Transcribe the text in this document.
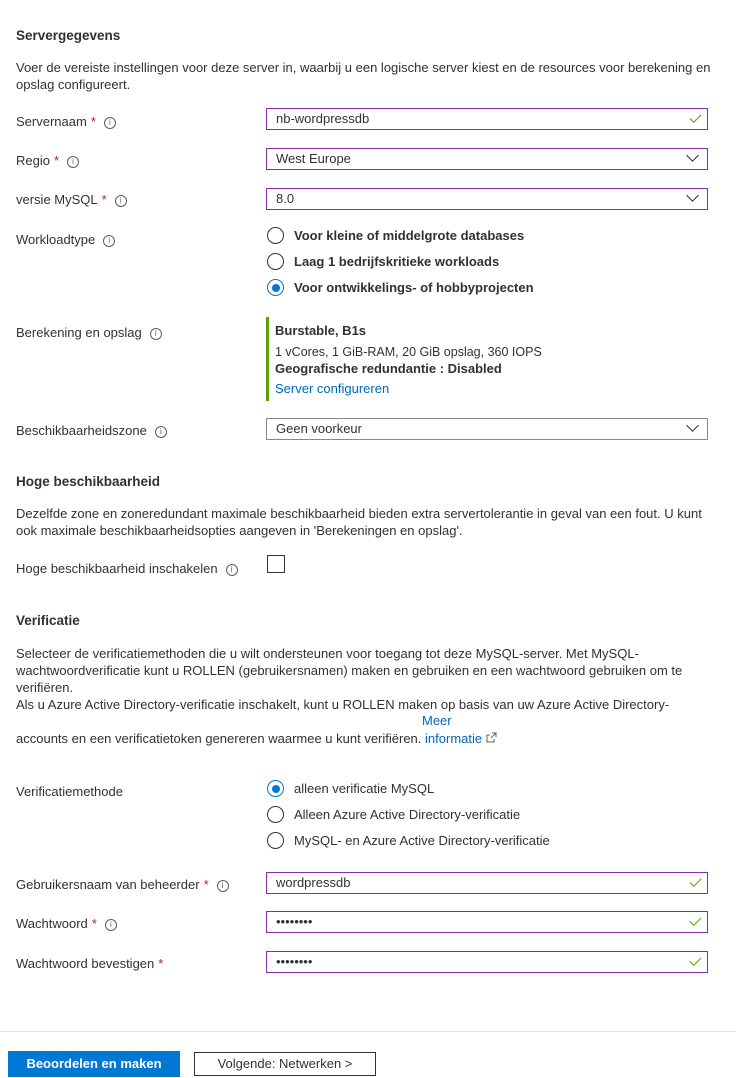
Servergegevens
Voer de vereiste instellingen voor deze server in, waarbij u een logische server kiest en de resources voor berekening en opslag configureert.
Servernaam * i	nb-wordpressdb
Regio * i	West Europe
versie MySQL * i	8.0
Workloadtype i	Voor kleine of middelgrote databases
Laag 1 bedrijfskritieke workloads
Voor ontwikkelings- of hobbyprojecten
Berekening en opslag i	Burstable, B1s
1 vCores, 1 GiB-RAM, 20 GiB opslag, 360 IOPS
Geografische redundantie : Disabled
Server configureren
Beschikbaarheidszone i	Geen voorkeur
Hoge beschikbaarheid
Dezelfde zone en zoneredundant maximale beschikbaarheid bieden extra servertolerantie in geval van een fout. U kunt ook maximale beschikbaarheidsopties aangeven in 'Berekeningen en opslag'.
Hoge beschikbaarheid inschakelen i
Verificatie
Selecteer de verificatiemethoden die u wilt ondersteunen voor toegang tot deze MySQL-server. Met MySQL-wachtwoordverificatie kunt u ROLLEN (gebruikersnamen) maken en gebruiken en een wachtwoord gebruiken om te verifiëren.
Als u Azure Active Directory-verificatie inschakelt, kunt u ROLLEN maken op basis van uw Azure Active Directory-
Meer
accounts en een verificatietoken genereren waarmee u kunt verifiëren. informatie
Verificatiemethode	alleen verificatie MySQL
Alleen Azure Active Directory-verificatie
MySQL- en Azure Active Directory-verificatie
Gebruikersnaam van beheerder * i	wordpressdb
Wachtwoord * i	••••••••
Wachtwoord bevestigen *	••••••••
Beoordelen en maken	Volgende: Netwerken >
